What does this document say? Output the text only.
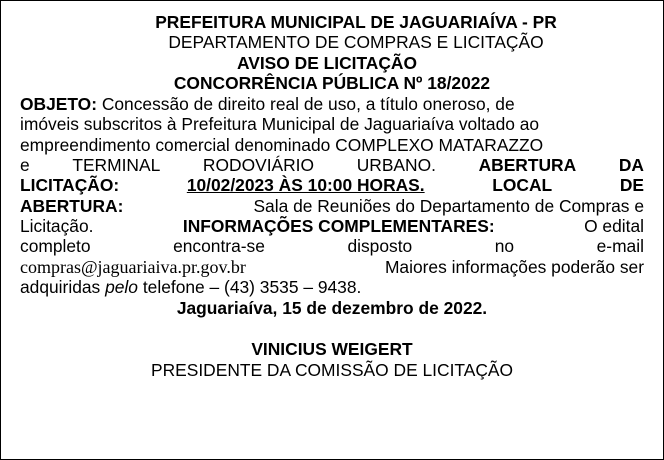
PREFEITURA MUNICIPAL DE JAGUARIAÍVA - PR
DEPARTAMENTO DE COMPRAS E LICITAÇÃO
AVISO DE LICITAÇÃO
CONCORRÊNCIA PÚBLICA Nº 18/2022
OBJETO: Concessão de direito real de uso, a título oneroso, de
imóveis subscritos à Prefeitura Municipal de Jaguariaíva voltado ao
empreendimento comercial denominado COMPLEXO MATARAZZO
e TERMINAL RODOVIÁRIO URBANO. ABERTURA DA
LICITAÇÃO:	10/02/2023 ÀS 10:00 HORAS.	LOCAL	DE
ABERTURA:	Sala de Reuniões do Departamento de Compras e
Licitação.	INFORMAÇÕES COMPLEMENTARES:	O edital
completo	encontra-se	disposto	no	e-mail
compras@jaguariaiva.pr.gov.br	Maiores informações poderão ser
adquiridas pelo telefone – (43) 3535 – 9438.
Jaguariaíva, 15 de dezembro de 2022.
VINICIUS WEIGERT
PRESIDENTE DA COMISSÃO DE LICITAÇÃO
